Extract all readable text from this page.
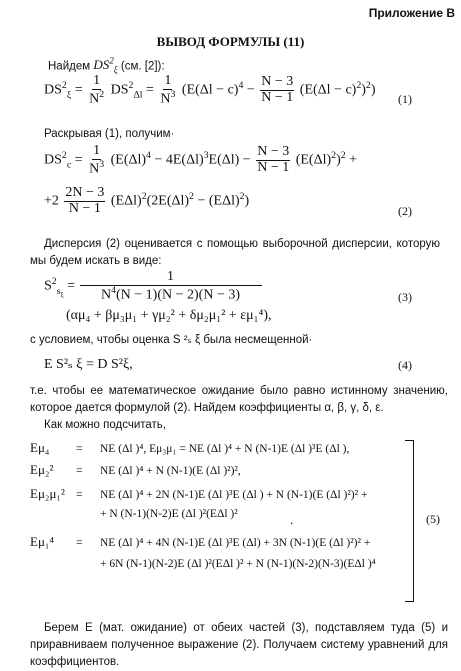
Приложение В
ВЫВОД ФОРМУЛЫ (11)
Найдем $DS^2_\xi$ (см. [2]):
$DS^2_\xi = \frac{1}{N^2} DS^2_{\Delta l} = \frac{1}{N^3} (E(\Delta l - c)^4 - \frac{N - 3}{N - 1} (E(\Delta l - c)^2)^2)$
(1)
Раскрывая (1), получим·
$DS^2_c = \frac{1}{N^3} (E(\Delta l)^4 - 4E(\Delta l)^3E(\Delta l) - \frac{N - 3}{N - 1} (E(\Delta l)^2)^2$ +
$+2 \frac{2N - 3}{N - 1} (E\Delta l)^2(2E(\Delta l)^2 - (E\Delta l)^2)$
(2)
Дисперсия (2) оценивается с помощью выборочной дисперсии, которую мы будем искать в виде:
$S^2_{s_\xi} = \frac{1}{N^4(N - 1)(N - 2)(N - 3)}$
(αμ₄ + βμ₃μ₁ + γμ₂² + δμ₂μ₁² + εμ₁⁴),
(3)
с условием, чтобы оценка S ²ₛ ξ была несмещенной·
E S²ₛ ξ = D S²ξ,	(4)
т.е. чтобы ее математическое ожидание было равно истинному значению, которое дается формулой (2). Найдем коэффициенты α, β, γ, δ, ε.
Как можно подсчитать,
Eμ₄ = NE (Δl )⁴, Eμ₃μ₁ = NE (Δl )⁴ + N (N-1)E (Δl )³E (Δl ),
Eμ₂² = NE (Δl )⁴ + N (N-1)(E (Δl )²)²,
Eμ₂μ₁² = NE (Δl )⁴ + 2N (N-1)E (Δl )³E (Δl ) + N (N-1)(E (Δl )²)² +
+ N (N-1)(N-2)E (Δl )²(EΔl )²
Eμ₁⁴ = NE (Δl )⁴ + 4N (N-1)E (Δl )³E (Δl) + 3N (N-1)(E (Δl )²)² +
+ 6N (N-1)(N-2)E (Δl )²(EΔl )² + N (N-1)(N-2)(N-3)(EΔl )⁴
(5)
.
Берем E (мат. ожидание) от обеих частей (3), подставляем туда (5) и приравниваем полученное выражение (2). Получаем систему уравнений для коэффициентов.
